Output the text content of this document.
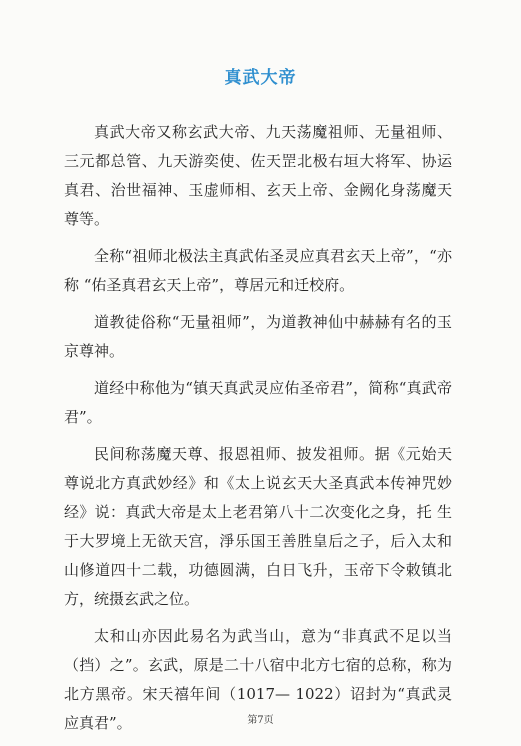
真武大帝

真武大帝又称玄武大帝、九天荡魔祖师、无量祖师、三元都总管、九天游奕使、佐天罡北极右垣大将军、协运真君、治世福神、玉虚师相、玄天上帝、金阙化身荡魔天尊等。

全称“祖师北极法主真武佑圣灵应真君玄天上帝”，“亦称 “佑圣真君玄天上帝”，尊居元和迁校府。

道教徒俗称“无量祖师”，为道教神仙中赫赫有名的玉京尊神。

道经中称他为“镇天真武灵应佑圣帝君”，简称“真武帝君”。

民间称荡魔天尊、报恩祖师、披发祖师。据《元始天尊说北方真武妙经》和《太上说玄天大圣真武本传神咒妙经》说：真武大帝是太上老君第八十二次变化之身，托 生于大罗境上无欲天宫，淨乐国王善胜皇后之子，后入太和山修道四十二载，功德圆满，白日飞升，玉帝下令敕镇北方，统摄玄武之位。

太和山亦因此易名为武当山，意为“非真武不足以当 （挡）之”。玄武，原是二十八宿中北方七宿的总称，称为北方黑帝。宋天禧年间（1017— 1022）诏封为“真武灵应真君”。	第7页
